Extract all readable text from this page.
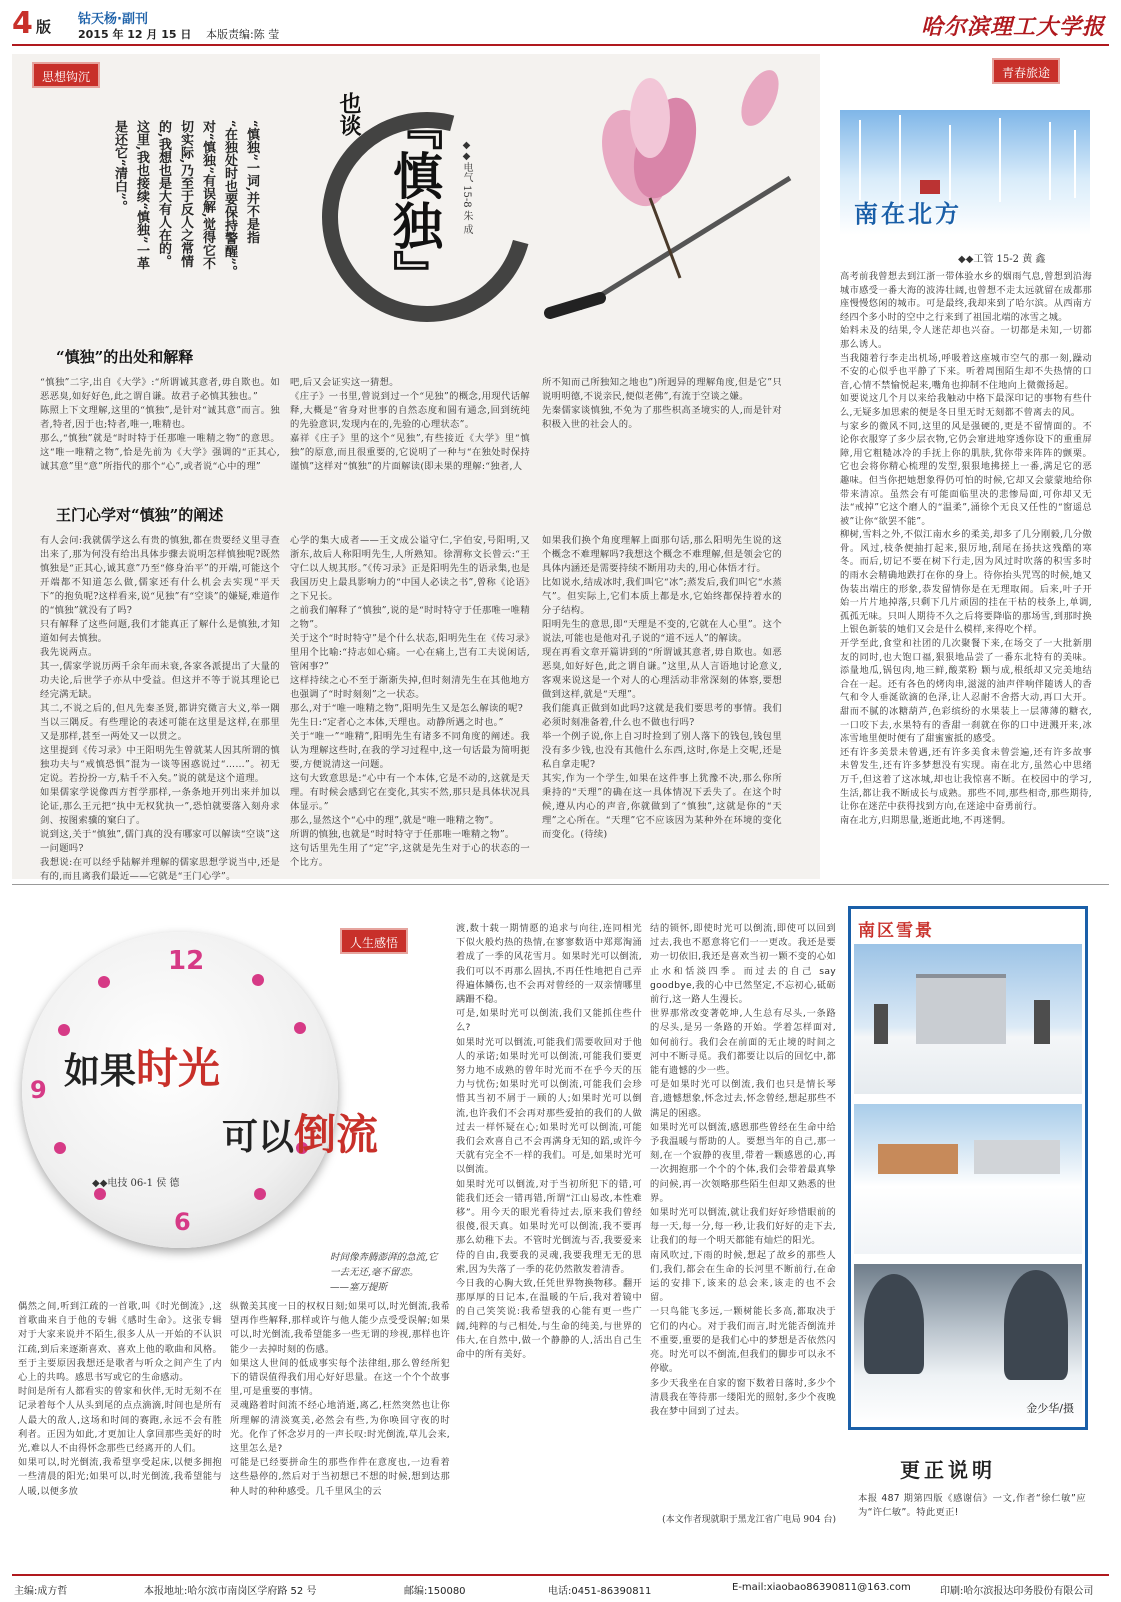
4 版 钴天杨·副刊
2015 年 12 月 15 日 本版责编:陈 莹	哈尔滨理工大学报
思想钩沉
也谈 『慎独』	◆◆电气 15-8 朱 成
“慎独”一词,并不是指
“在独处时也要保持警醒”。
对“慎独”有误解,觉得它不
切实际,乃至于反人之常情
的,我想也是大有人在的。
这里,我也接续“慎独”一革
是还它“清白”。
“慎独”的出处和解释
“慎独”二字,出自《大学》:“所谓诚其意者,毋自欺也。如恶恶臭,如好好色,此之谓自谦。故君子必慎其独也。”
陈照上下文理解,这里的“慎独”,是针对“诚其意”而言。独者,特者,因于也;特者,唯一,唯精也。
那么,“慎独”就是“时时特于任那唯一唯精之物”的意思。这“唯一唯精之物”,恰是先前为《大学》强调的“正其心,诚其意”里“意”所指代的那个“心”,或者说“心中的理”
吧,后又会证实这一猜想。
《庄子》一书里,曾说到过一个“见独”的概念,用现代话解释,大概是“省身对世事的自然态度和圆有通念,回到统纯的先验意识,发现内在的,先验的心理状态”。
嘉祥《庄子》里的这个“见独”,有些接近《大学》里“慎独”的原意,而且很重要的,它说明了一种与“在独处时保持谨慎”这样对“慎独”的片面解读(即未果的理解:“独者,人
所不知而己所独知之地也”)所迥异的理解角度,但是它”只说明明德,不说亲民,便似老佛”,有流于空谈之嫌。
先秦儒家谈慎独,不免为了那些枳高圣境实的人,而是针对积极入世的社会人的。
王门心学对“慎独”的阐述
有人会问:我就儒学这么有贵的慎独,都在贵要经义里寻查出来了,那为何没有给出具体步骤去说明怎样慎独呢?既然慎独是“正其心,诚其意”乃至“修身治平”的开端,可能这个开端都不知道怎么做,儒家还有什么机会去实现“平天下”的抱负呢?这样看来,说“见独”有“空谈”的嫌疑,难道作的“慎独”就没有了吗?
只有解释了这些问题,我们才能真正了解什么是慎独,才知道如何去慎独。
我先说两点。
其一,儒家学说历两千余年而未衰,各家各派提出了大量的功夫论,后世学子亦从中受益。但这并不等于说其理论已经完满无缺。
其二,不说之后的,但凡先秦圣贤,都讲究微言大义,举一隅当以三隅反。有些理论的表述可能在这里是这样,在那里又是那样,甚至一两处又一以贯之。
这里提到《传习录》中王阳明先生曾就某人因其所谓的慎独功夫与“戒慎恐惧”混为一谈等困惑说过“……”。初无定说。若扮扮一方,粘千不入矣。”说的就是这个道理。
如果儒家学说像西方哲学那样,一条条地开列出来并加以论证,那么王元把“执中无权犹执一”,恐怕就要落入刻舟求剑、按图索骥的窠臼了。
说到这,关于“慎独”,儒门真的没有哪家可以解读“空谈”这一问题吗?
我想说:在可以经乎陆解并理解的儒家思想学说当中,还是有的,而且离我们最近——它就是“王门心学”。
心学的集大成者——王文成公谥守仁,字伯安,号阳明,又浙东,故后人称阳明先生,人所熟知。徐渭称文长曾云:“王守仁以人规其形。”《传习录》正是阳明先生的语录集,也是我国历史上最具影响力的“中国人必读之书”,曾称《论语》之下兄长。
之前我们解释了“慎独”,说的是“时时特守于任那唯一唯精之物”。
关于这个“时时特守”是个什么状态,阳明先生在《传习录》里用个比喻:“持志如心痛。一心在痛上,岂有工夫说闲话,管闲事?”
这样持续之心不至于渐渐失掉,但时刻清先生在其他地方也强调了“时时刻刻”之一状态。
那么,对于“唯一唯精之物”,阳明先生又是怎么解读的呢?
先生日:“定者心之本体,天理也。动静所遇之时也。”
关于“唯一”“唯精”,阳明先生有诸多不同角度的阐述。我认为理解这些时,在我的学习过程中,这一句话最为简明扼要,方便说清这一问题。
这句大致意思是:“心中有一个本体,它是不动的,这就是天理。有时候会感到它在变化,其实不然,那只是具体状况具体显示。”
那么,显然这个“心中的理”,就是“唯一唯精之物”。
所谓的慎独,也就是“时时特守于任那唯一唯精之物”。
这句话里先生用了“定”字,这就是先生对于心的状态的一个比方。
如果我们换个角度理解上面那句话,那么阳明先生说的这个概念不难理解吗?我想这个概念不难理解,但是领会它的具体内涵还是需要持续不断用功夫的,用心体悟才行。
比如说水,结成冰时,我们叫它“冰”;蒸发后,我们叫它“水蒸气”。但实际上,它们本质上都是水,它始终都保持着水的分子结构。
阳明先生的意思,即“天理是不变的,它就在人心里”。这个说法,可能也是他对孔子说的“道不远人”的解读。
现在再看文章开篇讲到的“所谓诚其意者,毋自欺也。如恶恶臭,如好好色,此之谓自谦。”这里,从人言语地讨论意义,客观来说这是一个对人的心理活动非常深刻的体察,要想做到这样,就是“天理”。
我们能真正做到如此吗?这就是我们要思考的事情。我们必须时刻准备着,什么也不做也行吗?
举一个例子说,你上自习时捡到了别人落下的钱包,钱包里没有多少钱,也没有其他什么东西,这时,你是上交呢,还是私自拿走呢?
其实,作为一个学生,如果在这件事上犹豫不决,那么你所秉持的“天理”的确在这一具体情况下丢失了。在这个时候,遵从内心的声音,你就做到了“慎独”,这就是你的“天理”之心所在。“天理”它不应该因为某种外在环境的变化而变化。(待续)
青春旅途
南在北方
◆◆工管 15-2 黄 鑫
高考前我曾想去到江浙一带体验水乡的烟雨气息,曾想到沿海城市感受一番大海的波涛壮阔,也曾想不走太远就留在成都那座慢慢悠闲的城市。可是最终,我却来到了哈尔滨。从西南方经四个多小时的空中之行来到了祖国北端的冰雪之城。
始料未及的结果,令人迷茫却也兴奋。一切都是未知,一切都那么诱人。
当我随着行李走出机场,呼吸着这座城市空气的那一刻,躁动不安的心似乎也平静了下来。听着周围陌生却不失热情的口音,心情不禁愉悦起来,嘴角也抑制不住地向上微微扬起。
如要说这几个月以来给我触动中格下最深印记的事物有些什么,无疑多加思索的便是冬日里无时无刻都不曾离去的风。
与家乡的微风不同,这里的风是强硬的,更是不留情面的。不论你衣服穿了多少层衣物,它仍会窜进地穿透你设下的重重屏障,用它粗糙冰冷的手抚上你的肌肤,犹你带来阵阵的颤栗。它也会将你精心梳理的发型,狠狠地拂搓上一番,满足它的恶趣味。但当你把她想象得仍可怕的时候,它却又会蒙蒙地给你带来清凉。虽然会有可能面临里决的悲惨局面,可你却又无法“戒掉”它这个磨人的“温柔”,涌徐个无良又任性的“窗遥总被”让你“欲罢不能”。
柳树,雪料之外,不似江南水乡的柔美,却多了几分刚毅,几分傲骨。风过,枝条便抽打起来,狠厉地,刮尾在扬扶这残酷的寒冬。而后,切记不要在树下行走,因为风过时吹落的积雪多时的雨水会精确地跌打在你的身上。待你抬头咒骂的时候,她又伪装出端庄的形象,恭发留情你是在无理取闹。后来,叶子开始一片片地掉落,只剩下几片顽固的挂在干枯的枝条上,单调,孤孤无味。只叫人期待不久之后将要降临的那场雪,到那时换上银色新装的她们又会是什么模样,来得吃个样。
开学至此,食堂和社团的几次聚餐下来,在场交了一大批新朋友的同时,也大饱口福,狠狠地品尝了一番东北特有的美味。添量地瓜,锅包肉,地三鲜,酸菜粉 颗与成,根纸却又完美地结合在一起。还有各色的烤肉串,滋滋的油声伴响伴随诱人的香气和令人垂涎欲滴的色泽,让人忍耐不舍搭大动,再口大开。甜而不腻的冰糖葫芦,色彩缤纷的水果装上一层薄薄的糖衣,一口咬下去,水果特有的香甜一刹就在你的口中迸溅开来,冰冻雪地里便时便有了甜蜜蜜抵的感受。
还有许多美景未曾遇,还有许多美食未曾尝遍,还有许多故事未曾发生,还有许多梦想没有实现。南在北方,虽然心中思绪万千,但这着了这冰城,却也让我惊喜不断。在校园中的学习,生活,都让我不断成长与成熟。那些不同,那些相奇,那些期待,让你在迷茫中获得找到方向,在迷途中奋勇前行。
南在北方,归期思量,逝逝此地,不再迷惘。
人生感悟
12
9
6
如果时光
可以倒流
◆◆电技 06-1 侯 德
时间像奔腾澎湃的急流,它一去无还,毫不留恋。
——塞万提斯
偶然之间,听到江疏的一首歌,叫《时光倒流》,这首歌曲来自于他的专辑《感时生命》。这张专辑对于大家来说并不陌生,很多人从一开始的不认识江疏,到后来逐渐喜欢、喜欢上他的歌曲和风格。至于主要原因我想还是歌者与听众之间产生了内心上的共鸣。感思书写或它的生命感动。
时间是所有人都看实的曾家和伙伴,无时无刻不在记录着每个人从头到尾的点点滴滴,时间也是所有人最大的敌人,这场和时间的赛跑,永远不会有胜利者。正因为如此,才更加让人拿回那些美好的时光,难以人不由得怀念那些已经离开的人们。
如果可以,时光倒流,我希望享受起床,以便多拥抱一些清晨的阳光;如果可以,时光倒流,我希望能与人暖,以便多放
纵微美其度一日的权权日刻;如果可以,时光倒流,我希望再作些解释,那样或许与他人能少点受受误解;如果可以,时光倒流,我希望能多一些无谓的珍视,那样也许能少一去掉时刻的伤感。
如果这人世间的低成事实每个法律组,那么曾经所犯下的错误值得我们用心好好思量。在这一个个个故事里,可是重要的事情。
灵魂路着时间流不经心地消逝,离乙,枉然突然也让你所理解的清淡寞美,必然会有些,为你唤回守夜的时光。化作了怀念岁月的一声长叹:时光倒流,草儿会来,这里怎么是?
可能是已经要拼命生的那些作件在意度也,一边看着这些悬停的,然后对于当初想已不想的时候,想到达那种人时的种种感受。几千里风尘的云
渡,数十载一期情愿的追求与向往,连同相光下似火般灼热的热情,在寥寥数语中郑郑淘涌着成了一季的风花雪月。如果时光可以倒流,我们可以不再那么固执,不再任性地把自己弄得遍体鳞伤,也不会再对曾经的一双亲情哪里蹒跚不稳。
可是,如果时光可以倒流,我们又能抓住些什么?
如果时光可以倒流,可能我们需要收回对于他人的承诺;如果时光可以倒流,可能我们要更努力地不成熟的曾年时光而不在乎今天的压力与忧伤;如果时光可以倒流,可能我们会珍惜其当初不屑于一顾的人;如果时光可以倒流,也许我们不会再对那些爱拍的我们的人做过去一样怀疑在心;如果时光可以倒流,可能我们会欢喜自己不会再满身无知的蹈,或许今天就有完全不一样的我们。可是,如果时光可以倒流。
如果时光可以倒流,对于当初所犯下的错,可能我们还会一错再错,所谓“江山易改,本性难移”。用今天的眼光看待过去,原来我们曾经很傻,很天真。如果时光可以倒流,我不要再那么幼稚下去。不管时光倒流与否,我要爱来侍的自由,我要我的灵魂,我要我理无无的思索,因为失落了一季的花仍然散发着清香。
今日我的心胸大致,任凭世界物换物移。翻开那厚厚的日记本,在温暖的午后,我对着镜中的自己笑笑说:我希望我的心能有更一些广阔,纯粹的与己相处,与生命的纯美,与世界的伟大,在自然中,做一个静静的人,活出自己生命中的所有美好。
结的锁怀,即使时光可以倒流,即使可以回到过去,我也不愿意将它们一一更改。我还是要劝一切依旧,我还是喜欢当初一颗不变的心如止水和恬淡四季。而过去的自己 say goodbye,我的心中已然坚定,不忘初心,砥砺前行,这一路人生漫长。
世界那常改变著乾坤,人生总有尽头,一条路的尽头,是另一条路的开始。学着怎样面对,如何前行。我们会在前面的无止境的时间之河中不断寻觅。我们都要让以后的回忆中,都能有遗憾的少一些。
可是如果时光可以倒流,我们也只是情长琴音,遗憾想象,怀念过去,怀念曾经,想起那些不满足的困惑。
如果时光可以倒流,感恩那些曾经在生命中给予我温暖与帮助的人。要想当年的自己,那一刻,在一个寂静的夜里,带着一颗感恩的心,再一次拥抱那一个个的个体,我们会带着最真挚的问候,再一次领略那些陌生但却又熟悉的世界。
如果时光可以倒流,就让我们好好珍惜眼前的每一天,每一分,每一秒,让我们好好的走下去,让我们的每一个明天都能有灿烂的阳光。
南风吹过,下雨的时候,想起了故乡的那些人们,我们,都会在生命的长河里不断前行,在命运的安排下,该来的总会来,该走的也不会留。
一只鸟能飞多远,一颗树能长多高,都取决于它们的内心。对于我们而言,时光能否倒流并不重要,重要的是我们心中的梦想是否依然闪亮。时光可以不倒流,但我们的脚步可以永不停歇。
多少天我坐在自家的窗下数着日落时,多少个清晨我在等待那一缕阳光的照射,多少个夜晚我在梦中回到了过去。
(本文作者现就职于黑龙江省广电局 904 台)
南区雪景
金少华/摄
更正说明
本报 487 期第四版《感谢信》一文,作者“徐仁敏”应为“许仁敏”。特此更正!
主编:成方哲	本报地址:哈尔滨市南岗区学府路 52 号	邮编:150080	电话:0451-86390811	E-mail:xiaobao86390811@163.com	印刷:哈尔滨报达印务股份有限公司
